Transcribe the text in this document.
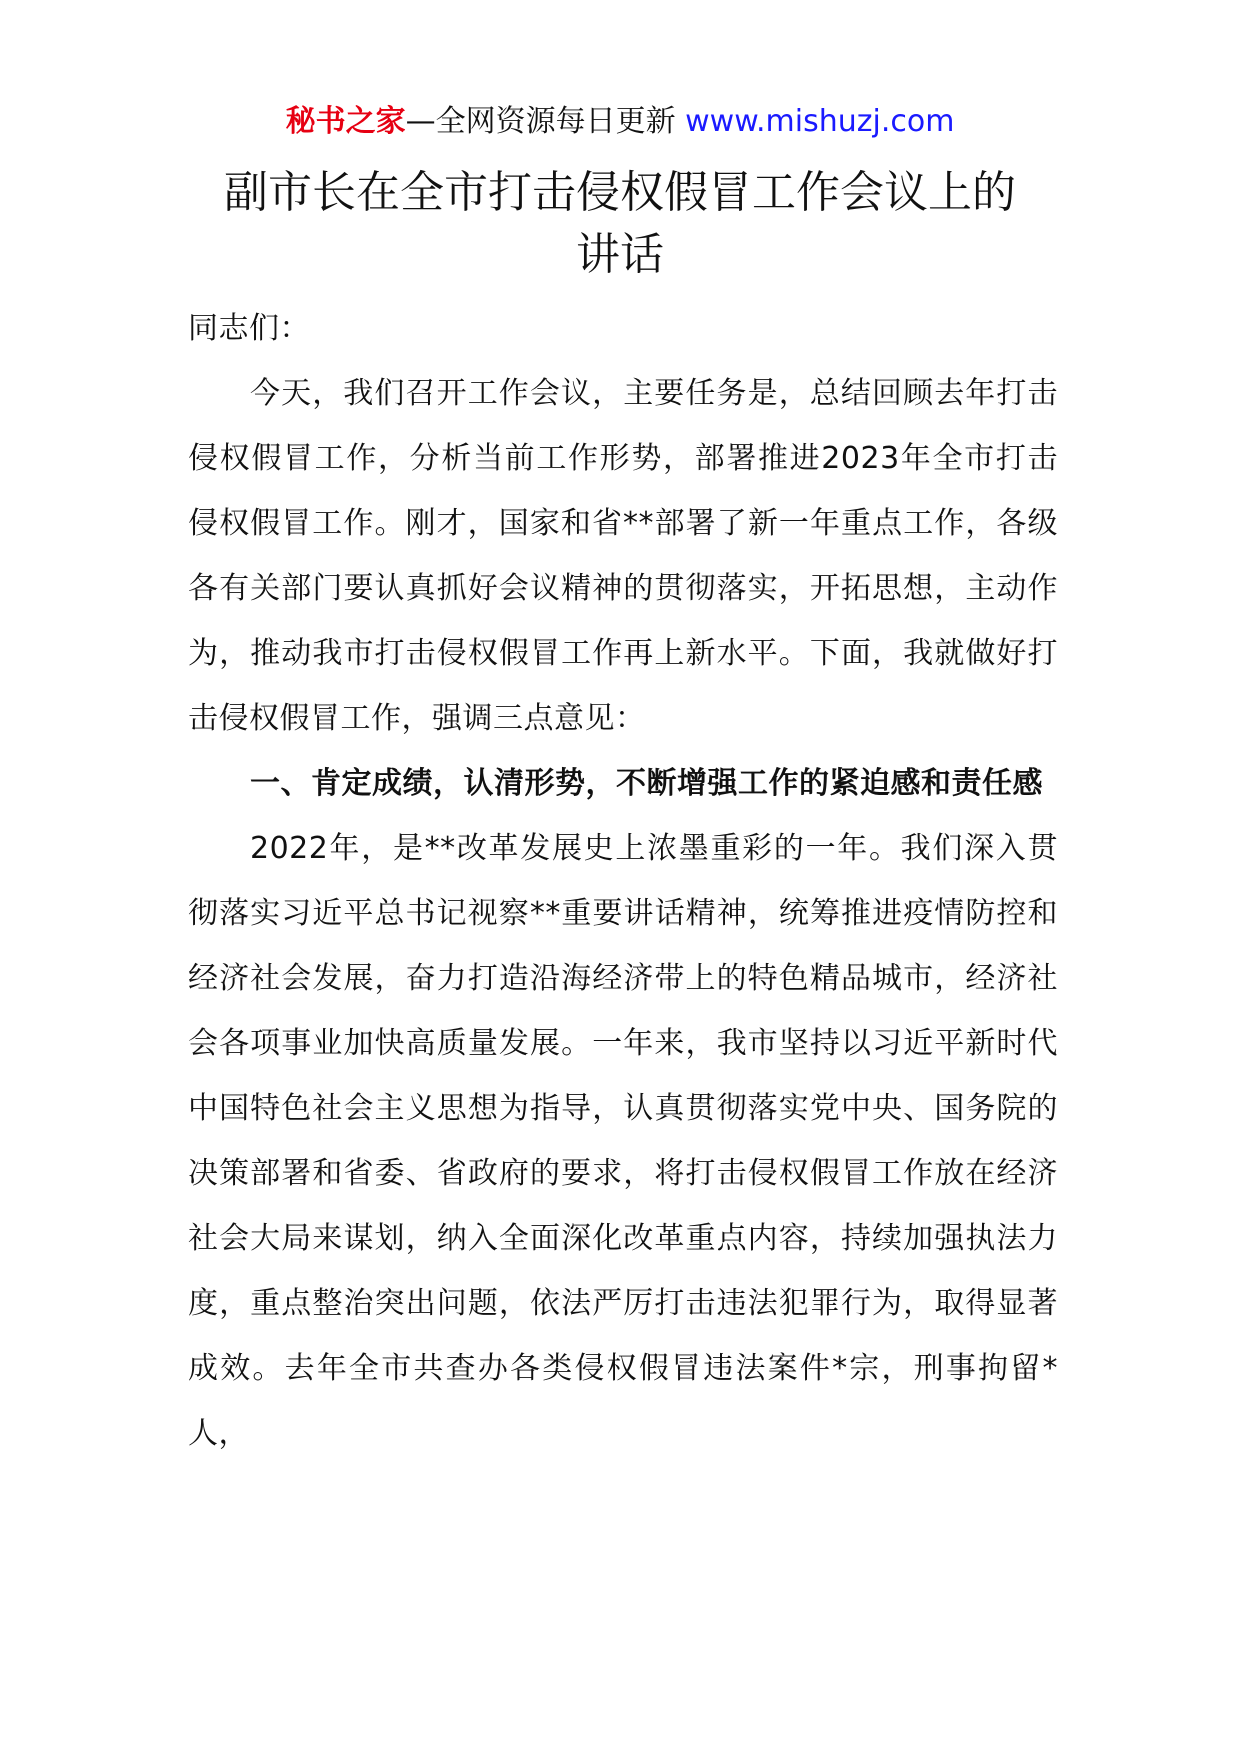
秘书之家—全网资源每日更新 www.mishuzj.com
副市长在全市打击侵权假冒工作会议上的
讲话

同志们：

今天，我们召开工作会议，主要任务是，总结回顾去年打击侵权假冒工作，分析当前工作形势，部署推进2023年全市打击侵权假冒工作。刚才，国家和省**部署了新一年重点工作，各级各有关部门要认真抓好会议精神的贯彻落实，开拓思想，主动作为，推动我市打击侵权假冒工作再上新水平。下面，我就做好打击侵权假冒工作，强调三点意见：

一、肯定成绩，认清形势，不断增强工作的紧迫感和责任感

2022年，是**改革发展史上浓墨重彩的一年。我们深入贯彻落实习近平总书记视察**重要讲话精神，统筹推进疫情防控和经济社会发展，奋力打造沿海经济带上的特色精品城市，经济社会各项事业加快高质量发展。一年来，我市坚持以习近平新时代中国特色社会主义思想为指导，认真贯彻落实党中央、国务院的决策部署和省委、省政府的要求，将打击侵权假冒工作放在经济社会大局来谋划，纳入全面深化改革重点内容，持续加强执法力度，重点整治突出问题，依法严厉打击违法犯罪行为，取得显著成效。去年全市共查办各类侵权假冒违法案件*宗，刑事拘留*人，
